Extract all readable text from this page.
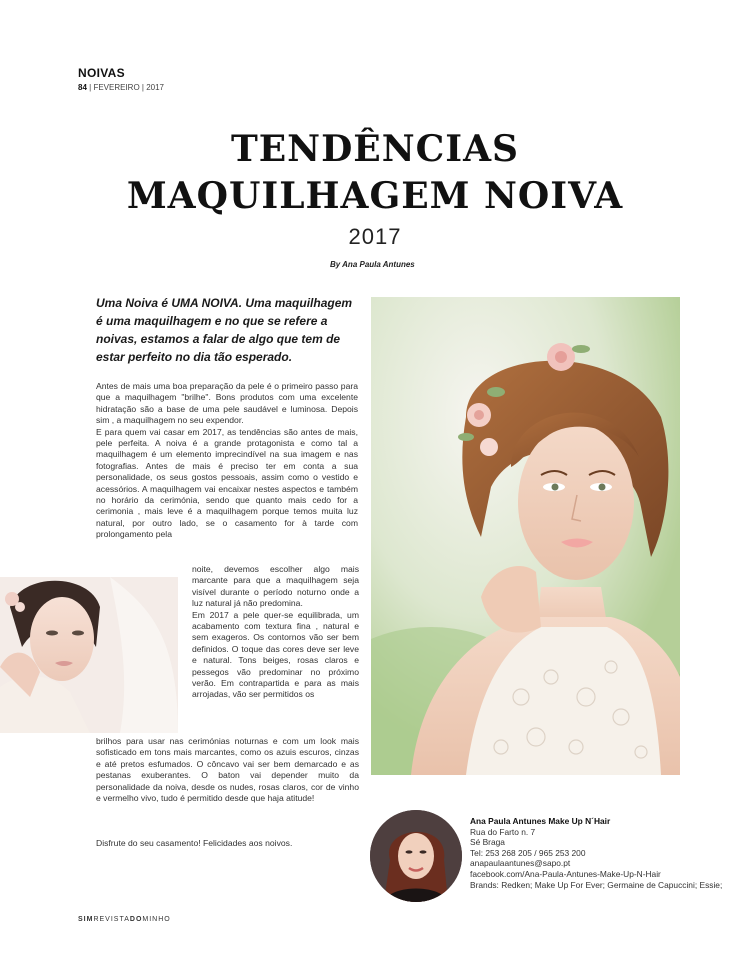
NOIVAS
84 | FEVEREIRO | 2017
TENDÊNCIAS
MAQUILHAGEM NOIVA
2017
By Ana Paula Antunes
Uma Noiva é UMA NOIVA. Uma maquilhagem é uma maquilhagem e no que se refere a noivas, estamos a falar de algo que tem de estar perfeito no dia tão esperado.

Antes de mais uma boa preparação da pele é o primeiro passo para que a maquilhagem "brilhe". Bons produtos com uma excelente hidratação são a base de uma pele saudável e luminosa. Depois sim , a maquilhagem no seu expendor.

E para quem vai casar em 2017, as tendências são antes de mais, pele perfeita. A noiva é a grande protagonista e como tal a maquilhagem é um elemento imprecindível na sua imagem e nas fotografias. Antes de mais é preciso ter em conta a sua personalidade, os seus gostos pessoais, assim como o vestido e acessórios. A maquilhagem vai encaixar nestes aspectos e também no horário da cerimónia, sendo que quanto mais cedo for a cerimonia , mais leve é a maquilhagem porque temos muita luz natural, por outro lado, se o casamento for à tarde com prolongamento pela

noite, devemos escolher algo mais marcante para que a maquilhagem seja visível durante o período noturno onde a luz natural já não predomina.

Em 2017 a pele quer-se equilibrada, um acabamento com textura fina , natural e sem exageros. Os contornos vão ser bem definidos. O toque das cores deve ser leve e natural. Tons beiges, rosas claros e pessegos vão predominar no próximo verão. Em contrapartida e para as mais arrojadas, vão ser permitidos os

brilhos para usar nas cerimónias noturnas e com um look mais sofisticado em tons mais marcantes, como os azuis escuros, cinzas e até pretos esfumados. O côncavo vai ser bem demarcado e as pestanas exuberantes. O baton vai depender muito da personalidade da noiva, desde os nudes, rosas claros, cor de vinho e vermelho vivo, tudo é permitido desde que haja atitude!

Disfrute do seu casamento! Felicidades aos noivos.
Ana Paula Antunes Make Up N´Hair
Rua do Farto n. 7
Sé Braga
Tel: 253 268 205 / 965 253 200
anapaulaantunes@sapo.pt
facebook.com/Ana-Paula-Antunes-Make-Up-N-Hair
Brands: Redken; Make Up For Ever; Germaine de Capuccini; Essie;
SIMREVISTADOMINHO
